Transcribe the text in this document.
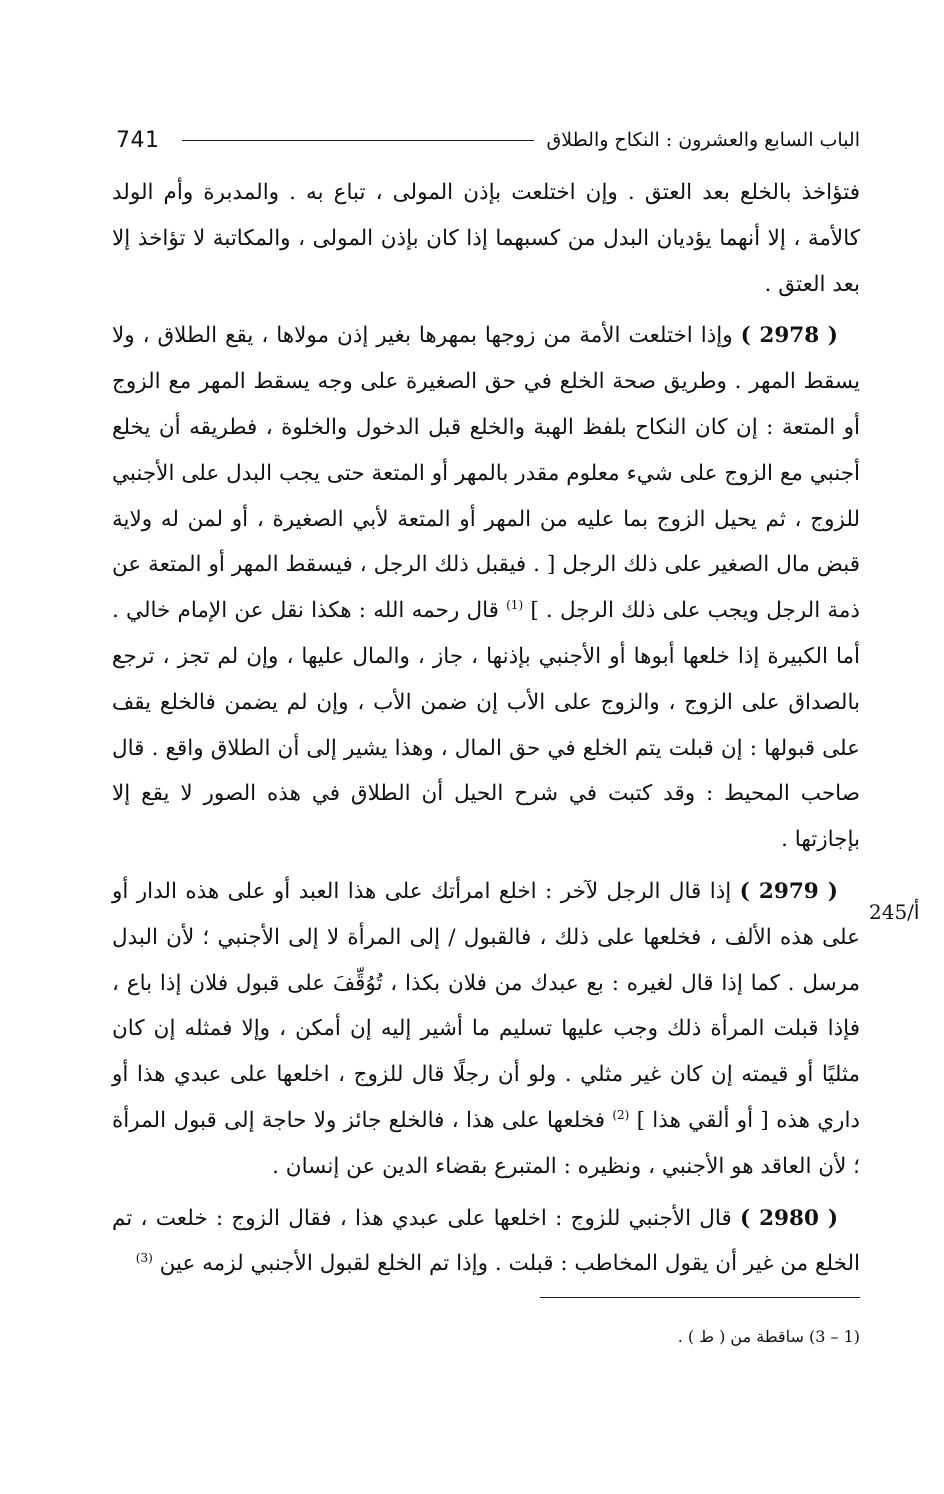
741	الباب السابع والعشرون : النكاح والطلاق

فتؤاخذ بالخلع بعد العتق . وإن اختلعت بإذن المولى ، تباع به . والمدبرة وأم الولد كالأمة ، إلا أنهما يؤديان البدل من كسبهما إذا كان بإذن المولى ، والمكاتبة لا تؤاخذ إلا بعد العتق .

( 2978 ) وإذا اختلعت الأمة من زوجها بمهرها بغير إذن مولاها ، يقع الطلاق ، ولا يسقط المهر . وطريق صحة الخلع في حق الصغيرة على وجه يسقط المهر مع الزوج أو المتعة : إن كان النكاح بلفظ الهبة والخلع قبل الدخول والخلوة ، فطريقه أن يخلع أجنبي مع الزوج على شيء معلوم مقدر بالمهر أو المتعة حتى يجب البدل على الأجنبي للزوج ، ثم يحيل الزوج بما عليه من المهر أو المتعة لأبي الصغيرة ، أو لمن له ولاية قبض مال الصغير على ذلك الرجل [ . فيقبل ذلك الرجل ، فيسقط المهر أو المتعة عن ذمة الرجل ويجب على ذلك الرجل . ] $^{(1)}$ قال رحمه الله : هكذا نقل عن الإمام خالي . أما الكبيرة إذا خلعها أبوها أو الأجنبي بإذنها ، جاز ، والمال عليها ، وإن لم تجز ، ترجع بالصداق على الزوج ، والزوج على الأب إن ضمن الأب ، وإن لم يضمن فالخلع يقف على قبولها : إن قبلت يتم الخلع في حق المال ، وهذا يشير إلى أن الطلاق واقع . قال صاحب المحيط : وقد كتبت في شرح الحيل أن الطلاق في هذه الصور لا يقع إلا بإجازتها .

( 2979 ) إذا قال الرجل لآخر : اخلع امرأتك على هذا العبد أو على هذه الدار أو على هذه الألف ، فخلعها على ذلك ، فالقبول / إلى المرأة لا إلى الأجنبي ؛ لأن البدل مرسل . كما إذا قال لغيره : بع عبدك من فلان بكذا ، تُوُقِّفَ على قبول فلان إذا باع ، فإذا قبلت المرأة ذلك وجب عليها تسليم ما أشير إليه إن أمكن ، وإلا فمثله إن كان مثليًا أو قيمته إن كان غير مثلي . ولو أن رجلًا قال للزوج ، اخلعها على عبدي هذا أو داري هذه [ أو ألقي هذا ] $^{(2)}$ فخلعها على هذا ، فالخلع جائز ولا حاجة إلى قبول المرأة ؛ لأن العاقد هو الأجنبي ، ونظيره : المتبرع بقضاء الدين عن إنسان .

( 2980 ) قال الأجنبي للزوج : اخلعها على عبدي هذا ، فقال الزوج : خلعت ، تم الخلع من غير أن يقول المخاطب : قبلت . وإذا تم الخلع لقبول الأجنبي لزمه عين $^{(3)}$

245/أ
(1 – 3) ساقطة من ( ط ) .
